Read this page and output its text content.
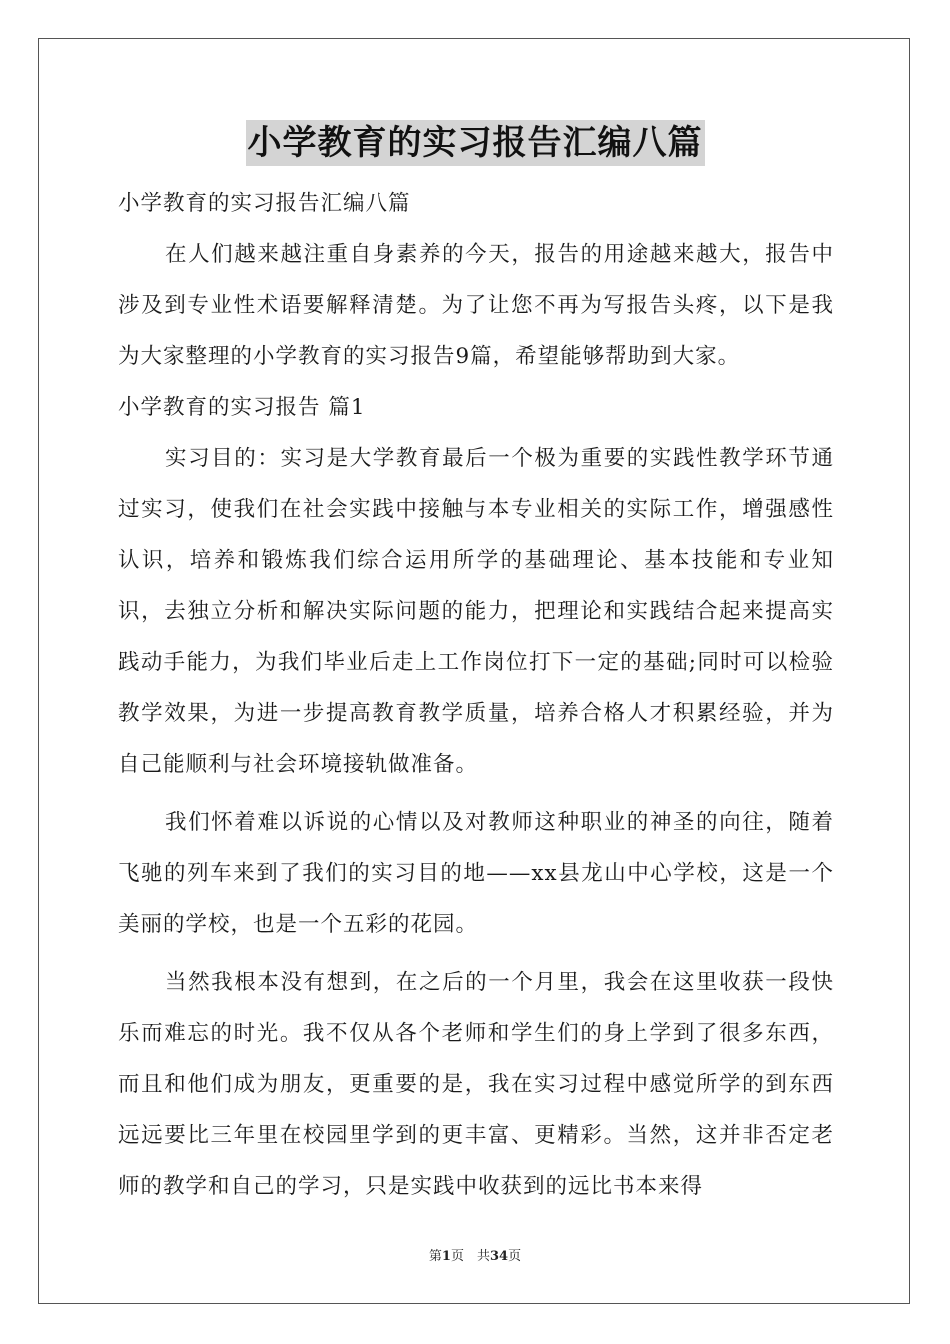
小学教育的实习报告汇编八篇

小学教育的实习报告汇编八篇

在人们越来越注重自身素养的今天，报告的用途越来越大，报告中涉及到专业性术语要解释清楚。为了让您不再为写报告头疼，以下是我为大家整理的小学教育的实习报告9篇，希望能够帮助到大家。

小学教育的实习报告 篇1

实习目的：实习是大学教育最后一个极为重要的实践性教学环节通过实习，使我们在社会实践中接触与本专业相关的实际工作，增强感性认识，培养和锻炼我们综合运用所学的基础理论、基本技能和专业知识，去独立分析和解决实际问题的能力，把理论和实践结合起来提高实践动手能力，为我们毕业后走上工作岗位打下一定的基础;同时可以检验教学效果，为进一步提高教育教学质量，培养合格人才积累经验，并为自己能顺利与社会环境接轨做准备。

我们怀着难以诉说的心情以及对教师这种职业的神圣的向往，随着飞驰的列车来到了我们的实习目的地——xx县龙山中心学校，这是一个美丽的学校，也是一个五彩的花园。

当然我根本没有想到，在之后的一个月里，我会在这里收获一段快乐而难忘的时光。我不仅从各个老师和学生们的身上学到了很多东西，而且和他们成为朋友，更重要的是，我在实习过程中感觉所学的到东西远远要比三年里在校园里学到的更丰富、更精彩。当然，这并非否定老师的教学和自己的学习，只是实践中收获到的远比书本来得

第1页　共34页
